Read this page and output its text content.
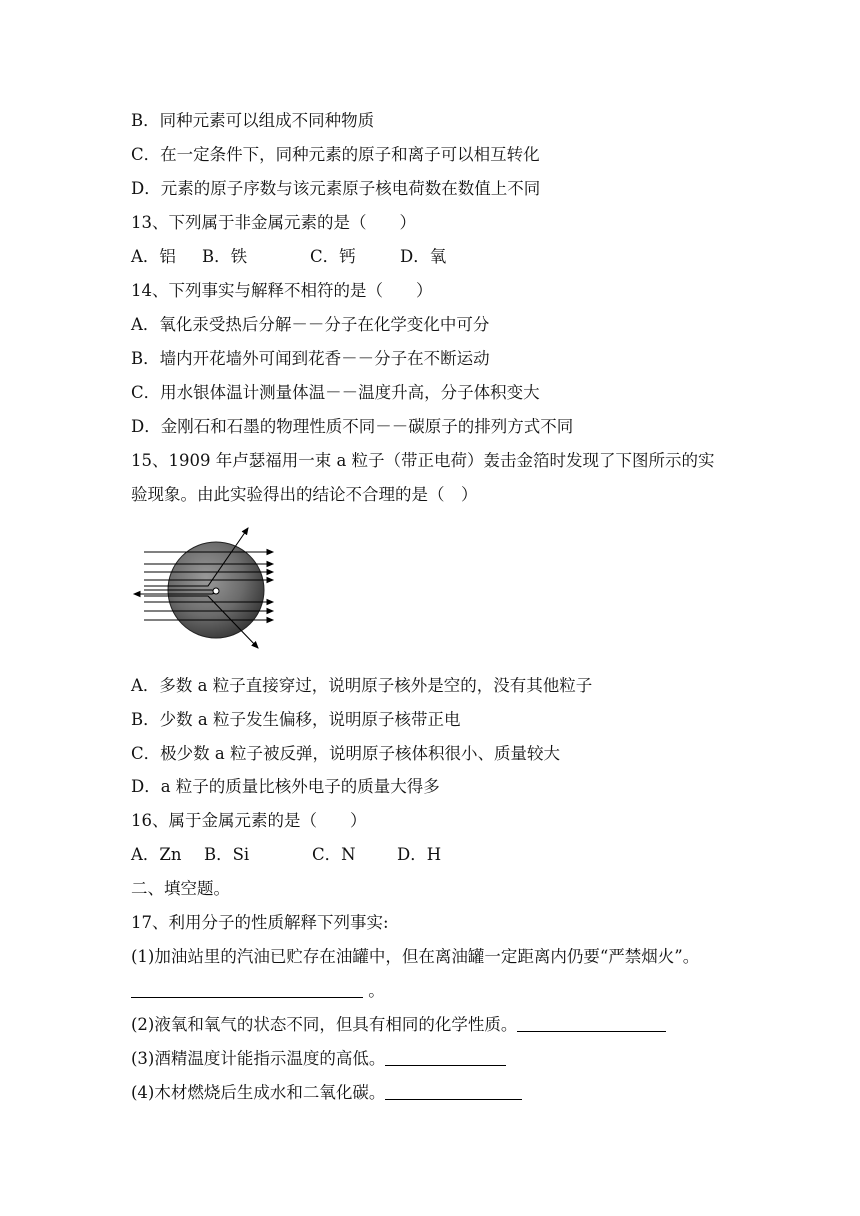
B．同种元素可以组成不同种物质
C．在一定条件下，同种元素的原子和离子可以相互转化
D．元素的原子序数与该元素原子核电荷数在数值上不同
13、下列属于非金属元素的是（　　）
A．铝 B．铁	C．钙	D．氧
14、下列事实与解释不相符的是（　　）
A．氧化汞受热后分解－－分子在化学变化中可分
B．墙内开花墙外可闻到花香－－分子在不断运动
C．用水银体温计测量体温－－温度升高，分子体积变大
D．金刚石和石墨的物理性质不同－－碳原子的排列方式不同
15、1909 年卢瑟福用一束 a 粒子（带正电荷）轰击金箔时发现了下图所示的实
验现象。由此实验得出的结论不合理的是（　）
A．多数 a 粒子直接穿过，说明原子核外是空的，没有其他粒子
B．少数 a 粒子发生偏移，说明原子核带正电
C．极少数 a 粒子被反弹，说明原子核体积很小、质量较大
D．a 粒子的质量比核外电子的质量大得多
16、属于金属元素的是（　　）
A．Zn B．Si	C．N	D．H
二、填空题。
17、利用分子的性质解释下列事实:
(1)加油站里的汽油已贮存在油罐中，但在离油罐一定距离内仍要“严禁烟火”。
。
(2)液氧和氧气的状态不同，但具有相同的化学性质。
(3)酒精温度计能指示温度的高低。
(4)木材燃烧后生成水和二氧化碳。
